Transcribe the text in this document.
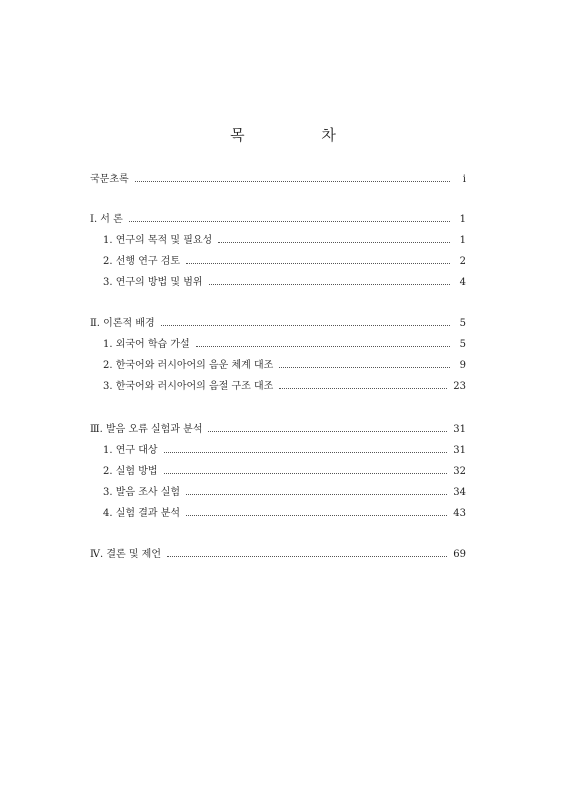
목 차
국문초록	i
Ⅰ. 서 론	1
1. 연구의 목적 및 필요성	1
2. 선행 연구 검토	2
3. 연구의 방법 및 범위	4
Ⅱ. 이론적 배경	5
1. 외국어 학습 가설	5
2. 한국어와 러시아어의 음운 체계 대조	9
3. 한국어와 러시아어의 음절 구조 대조	23
Ⅲ. 발음 오류 실험과 분석	31
1. 연구 대상	31
2. 실험 방법	32
3. 발음 조사 실험	34
4. 실험 결과 분석	43
Ⅳ. 결론 및 제언	69
